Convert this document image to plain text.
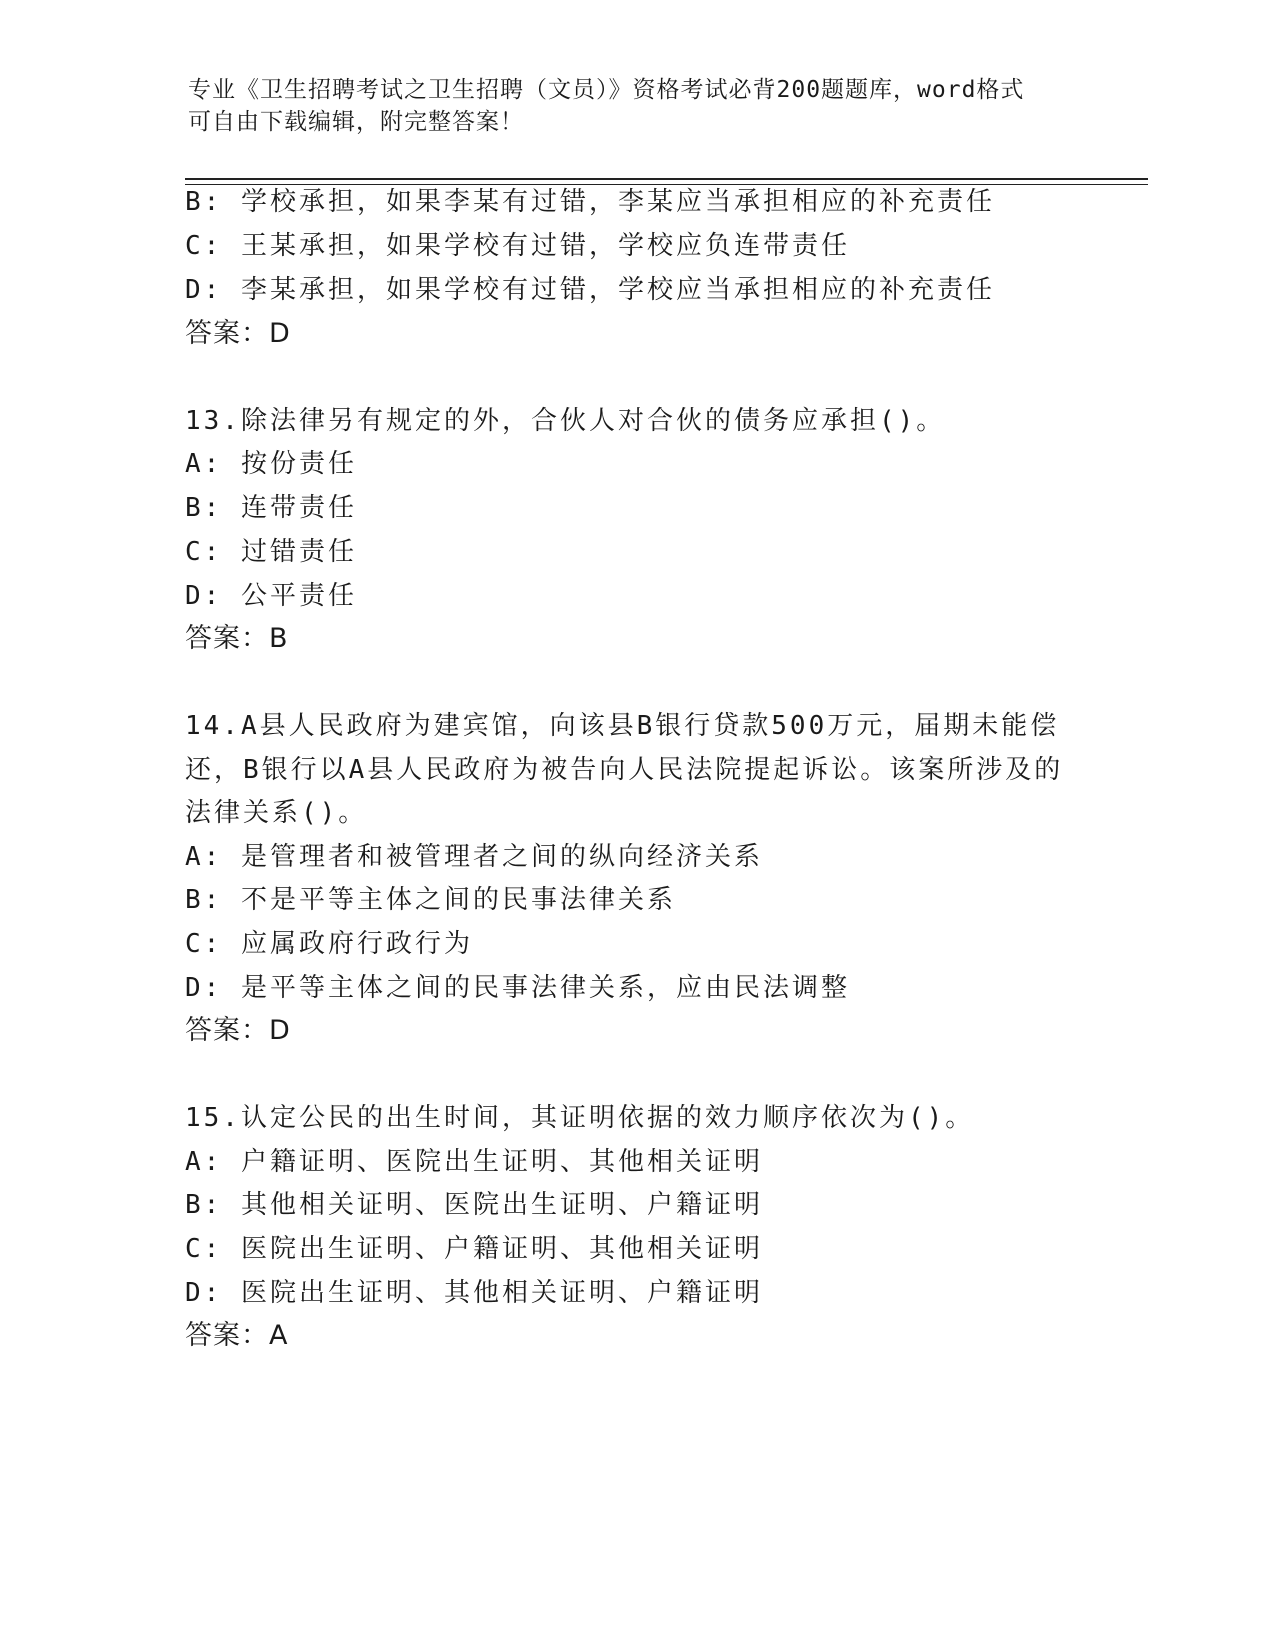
专业《卫生招聘考试之卫生招聘（文员）》资格考试必背200题题库，word格式
可自由下载编辑，附完整答案！
B: 学校承担，如果李某有过错，李某应当承担相应的补充责任
C: 王某承担，如果学校有过错，学校应负连带责任
D: 李某承担，如果学校有过错，学校应当承担相应的补充责任
答案：D
13.除法律另有规定的外，合伙人对合伙的债务应承担()。
A: 按份责任
B: 连带责任
C: 过错责任
D: 公平责任
答案：B
14.A县人民政府为建宾馆，向该县B银行贷款500万元，届期未能偿
还，B银行以A县人民政府为被告向人民法院提起诉讼。该案所涉及的
法律关系()。
A: 是管理者和被管理者之间的纵向经济关系
B: 不是平等主体之间的民事法律关系
C: 应属政府行政行为
D: 是平等主体之间的民事法律关系，应由民法调整
答案：D
15.认定公民的出生时间，其证明依据的效力顺序依次为()。
A: 户籍证明、医院出生证明、其他相关证明
B: 其他相关证明、医院出生证明、户籍证明
C: 医院出生证明、户籍证明、其他相关证明
D: 医院出生证明、其他相关证明、户籍证明
答案：A
